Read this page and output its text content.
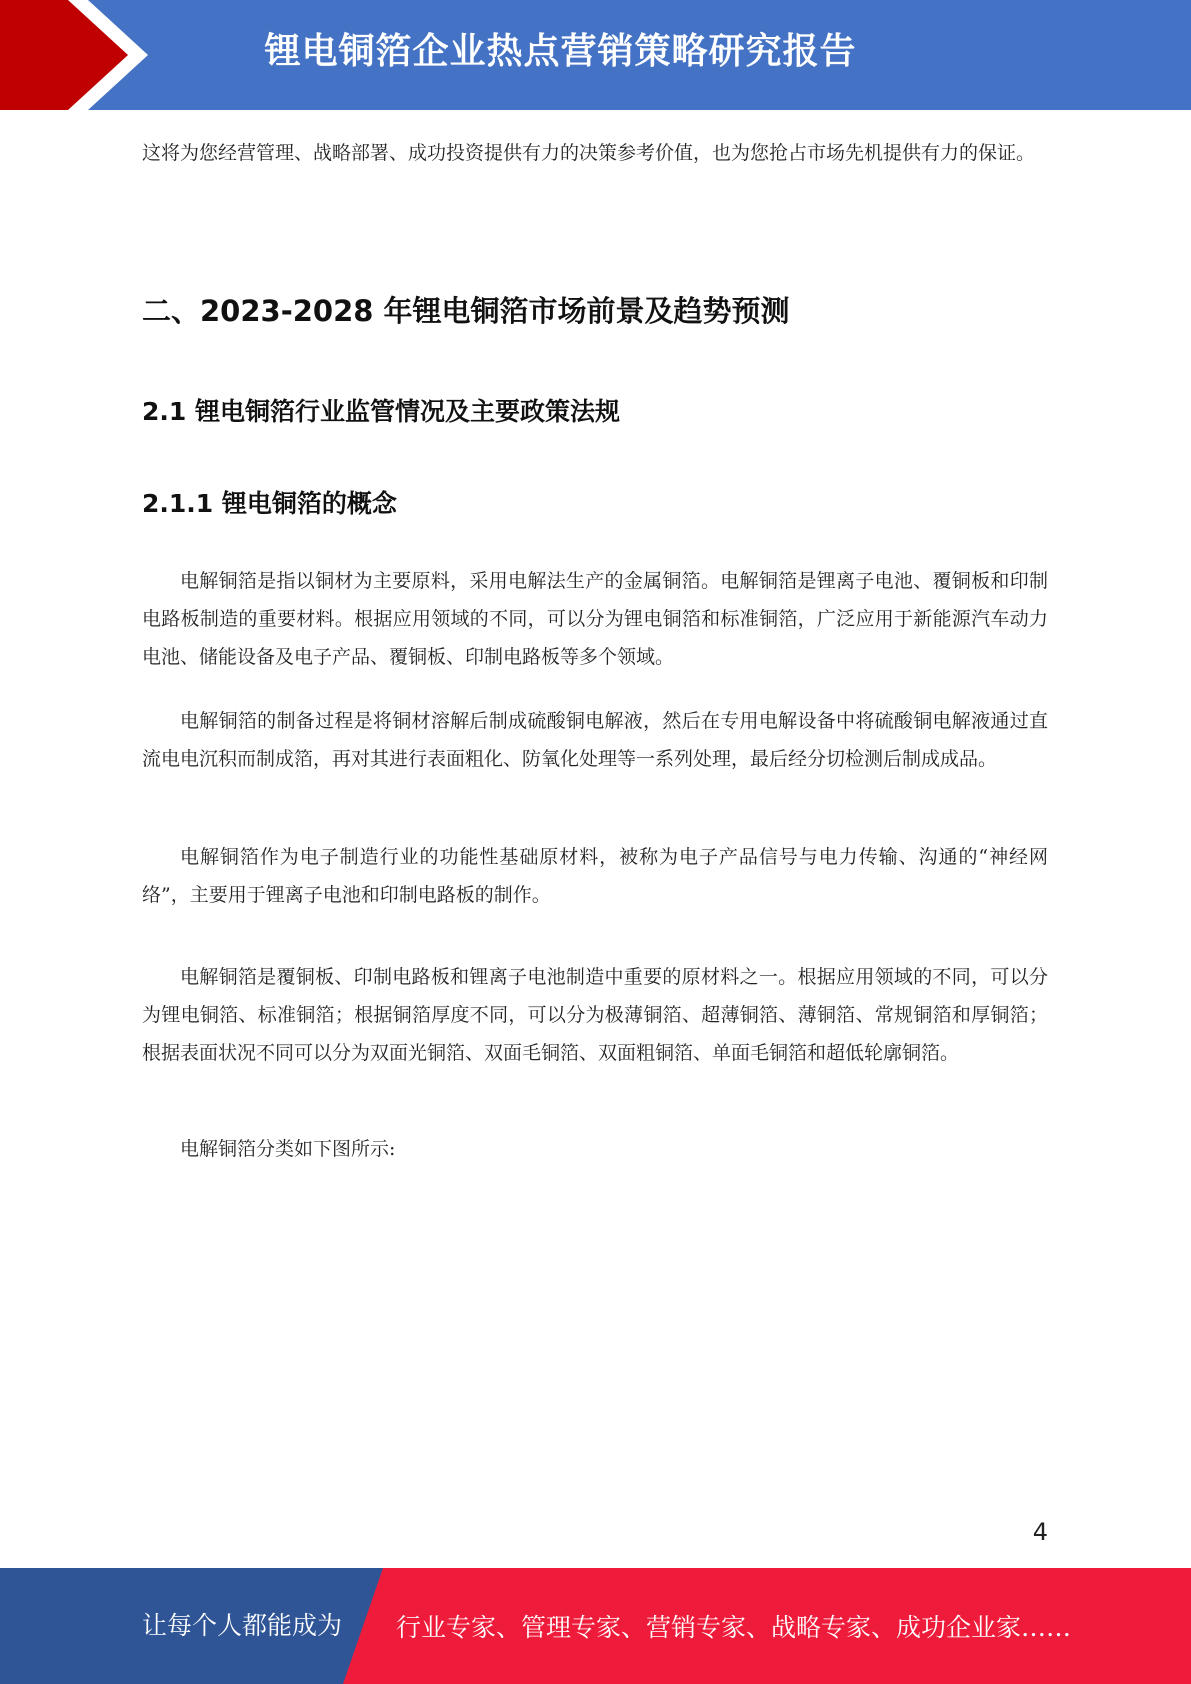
锂电铜箔企业热点营销策略研究报告

这将为您经营管理、战略部署、成功投资提供有力的决策参考价值，也为您抢占市场先机提供有力的保证。

二、2023-2028 年锂电铜箔市场前景及趋势预测
2.1 锂电铜箔行业监管情况及主要政策法规
2.1.1 锂电铜箔的概念

电解铜箔是指以铜材为主要原料，采用电解法生产的金属铜箔。电解铜箔是锂离子电池、覆铜板和印制电路板制造的重要材料。根据应用领域的不同，可以分为锂电铜箔和标准铜箔，广泛应用于新能源汽车动力电池、储能设备及电子产品、覆铜板、印制电路板等多个领域。

电解铜箔的制备过程是将铜材溶解后制成硫酸铜电解液，然后在专用电解设备中将硫酸铜电解液通过直流电电沉积而制成箔，再对其进行表面粗化、防氧化处理等一系列处理，最后经分切检测后制成成品。

电解铜箔作为电子制造行业的功能性基础原材料，被称为电子产品信号与电力传输、沟通的“神经网络”，主要用于锂离子电池和印制电路板的制作。

电解铜箔是覆铜板、印制电路板和锂离子电池制造中重要的原材料之一。根据应用领域的不同，可以分为锂电铜箔、标准铜箔；根据铜箔厚度不同，可以分为极薄铜箔、超薄铜箔、薄铜箔、常规铜箔和厚铜箔；根据表面状况不同可以分为双面光铜箔、双面毛铜箔、双面粗铜箔、单面毛铜箔和超低轮廓铜箔。

电解铜箔分类如下图所示:

4
让每个人都能成为 行业专家、管理专家、营销专家、战略专家、成功企业家……
